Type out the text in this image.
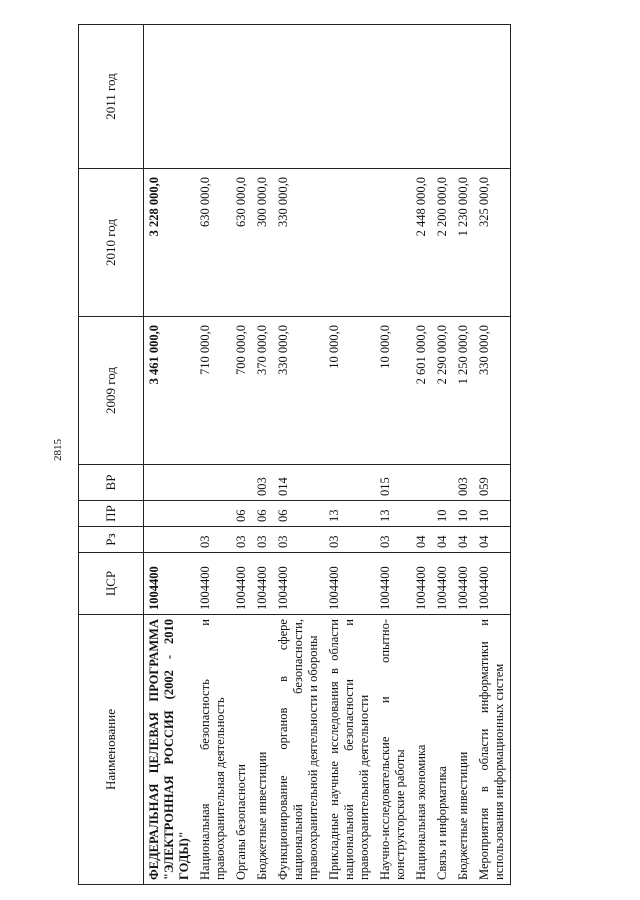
2815
Наименование	ЦСР	Рз	ПР	ВР	2009 год	2010 год	2011 год
ФЕДЕРАЛЬНАЯ ЦЕЛЕВАЯ ПРОГРАММА "ЭЛЕКТРОННАЯ РОССИЯ (2002 - 2010 ГОДЫ)"	1004400				3 461 000,0	3 228 000,0	
Национальная безопасность и правоохранительная деятельность	1004400	03			710 000,0	630 000,0	
Органы безопасности	1004400	03	06		700 000,0	630 000,0	
Бюджетные инвестиции	1004400	03	06	003	370 000,0	300 000,0	
Функционирование органов в сфере национальной безопасности, правоохранительной деятельности и обороны	1004400	03	06	014	330 000,0	330 000,0	
Прикладные научные исследования в области национальной безопасности и правоохранительной деятельности	1004400	03	13		10 000,0		
Научно-исследовательские и опытно-конструкторские работы	1004400	03	13	015	10 000,0		
Национальная экономика	1004400	04			2 601 000,0	2 448 000,0	
Связь и информатика	1004400	04	10		2 290 000,0	2 200 000,0	
Бюджетные инвестиции	1004400	04	10	003	1 250 000,0	1 230 000,0	
Мероприятия в области информатики и использования информационных систем	1004400	04	10	059	330 000,0	325 000,0	
